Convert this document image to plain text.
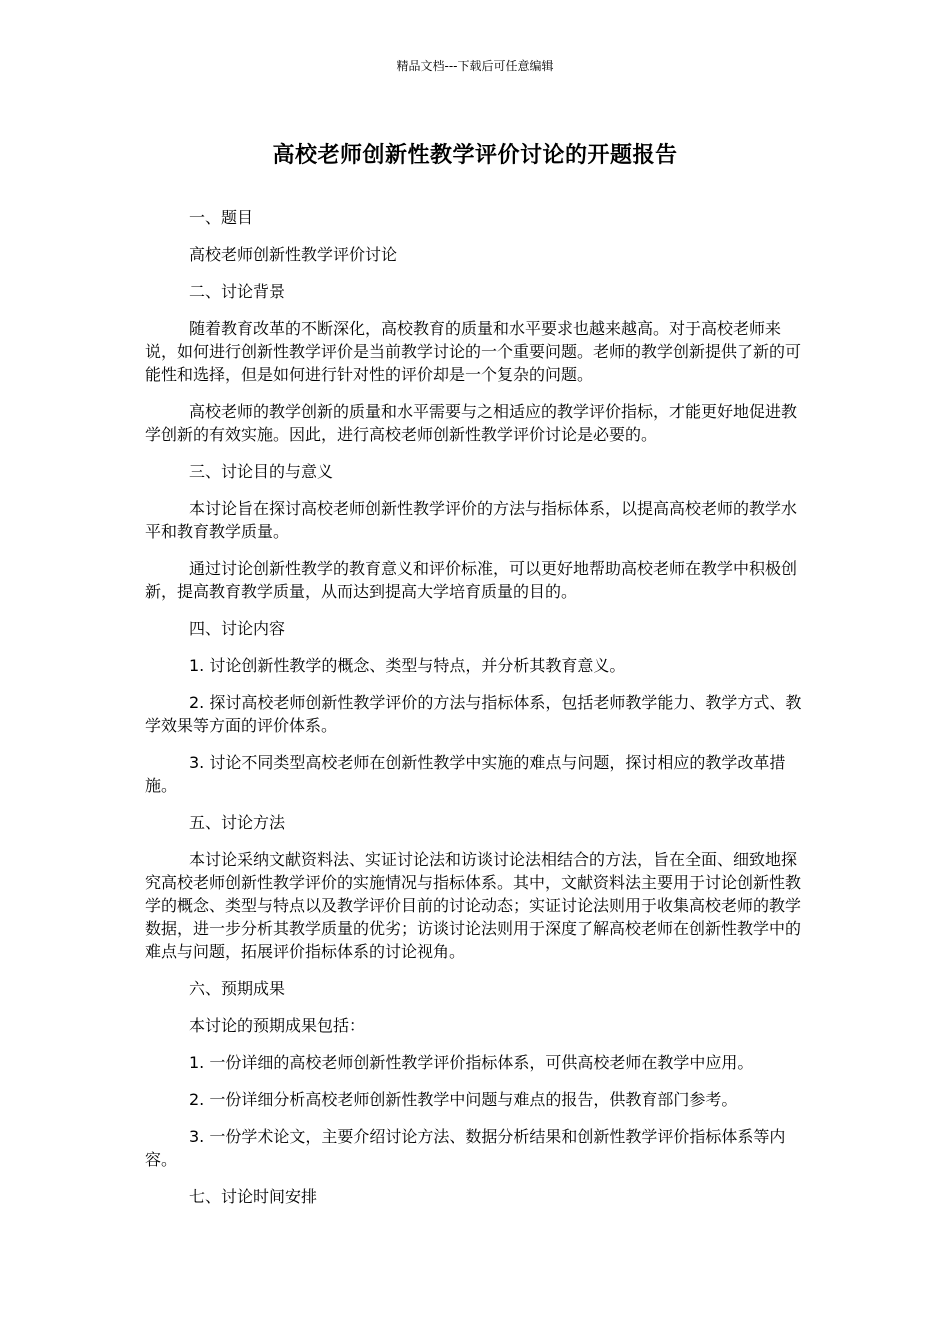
精品文档---下载后可任意编辑
高校老师创新性教学评价讨论的开题报告

一、题目

高校老师创新性教学评价讨论

二、讨论背景

随着教育改革的不断深化，高校教育的质量和水平要求也越来越高。对于高校老师来说，如何进行创新性教学评价是当前教学讨论的一个重要问题。老师的教学创新提供了新的可能性和选择，但是如何进行针对性的评价却是一个复杂的问题。

高校老师的教学创新的质量和水平需要与之相适应的教学评价指标，才能更好地促进教学创新的有效实施。因此，进行高校老师创新性教学评价讨论是必要的。

三、讨论目的与意义

本讨论旨在探讨高校老师创新性教学评价的方法与指标体系，以提高高校老师的教学水平和教育教学质量。

通过讨论创新性教学的教育意义和评价标准，可以更好地帮助高校老师在教学中积极创新，提高教育教学质量，从而达到提高大学培育质量的目的。

四、讨论内容

1. 讨论创新性教学的概念、类型与特点，并分析其教育意义。

2. 探讨高校老师创新性教学评价的方法与指标体系，包括老师教学能力、教学方式、教学效果等方面的评价体系。

3. 讨论不同类型高校老师在创新性教学中实施的难点与问题，探讨相应的教学改革措施。

五、讨论方法

本讨论采纳文献资料法、实证讨论法和访谈讨论法相结合的方法，旨在全面、细致地探究高校老师创新性教学评价的实施情况与指标体系。其中，文献资料法主要用于讨论创新性教学的概念、类型与特点以及教学评价目前的讨论动态；实证讨论法则用于收集高校老师的教学数据，进一步分析其教学质量的优劣；访谈讨论法则用于深度了解高校老师在创新性教学中的难点与问题，拓展评价指标体系的讨论视角。

六、预期成果

本讨论的预期成果包括：

1. 一份详细的高校老师创新性教学评价指标体系，可供高校老师在教学中应用。

2. 一份详细分析高校老师创新性教学中问题与难点的报告，供教育部门参考。

3. 一份学术论文，主要介绍讨论方法、数据分析结果和创新性教学评价指标体系等内容。

七、讨论时间安排
